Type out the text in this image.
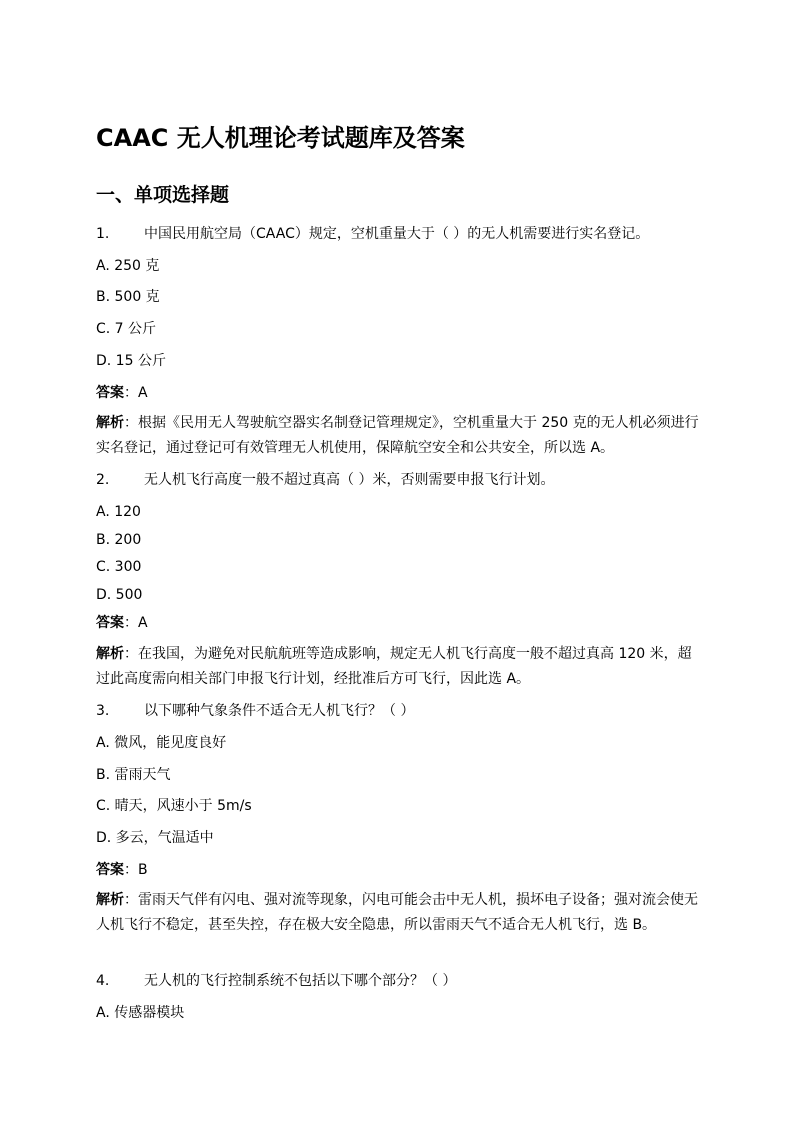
CAAC 无人机理论考试题库及答案
一、单项选择题
1. 中国民用航空局（CAAC）规定，空机重量大于（ ）的无人机需要进行实名登记。
A. 250 克
B. 500 克
C. 7 公斤
D. 15 公斤
答案：A
解析：根据《民用无人驾驶航空器实名制登记管理规定》，空机重量大于 250 克的无人机必须进行实名登记，通过登记可有效管理无人机使用，保障航空安全和公共安全，所以选 A。
2. 无人机飞行高度一般不超过真高（ ）米，否则需要申报飞行计划。
A. 120
B. 200
C. 300
D. 500
答案：A
解析：在我国，为避免对民航航班等造成影响，规定无人机飞行高度一般不超过真高 120 米，超过此高度需向相关部门申报飞行计划，经批准后方可飞行，因此选 A。
3. 以下哪种气象条件不适合无人机飞行？（ ）
A. 微风，能见度良好
B. 雷雨天气
C. 晴天，风速小于 5m/s
D. 多云，气温适中
答案：B
解析：雷雨天气伴有闪电、强对流等现象，闪电可能会击中无人机，损坏电子设备；强对流会使无人机飞行不稳定，甚至失控，存在极大安全隐患，所以雷雨天气不适合无人机飞行，选 B。
4. 无人机的飞行控制系统不包括以下哪个部分？（ ）
A. 传感器模块
